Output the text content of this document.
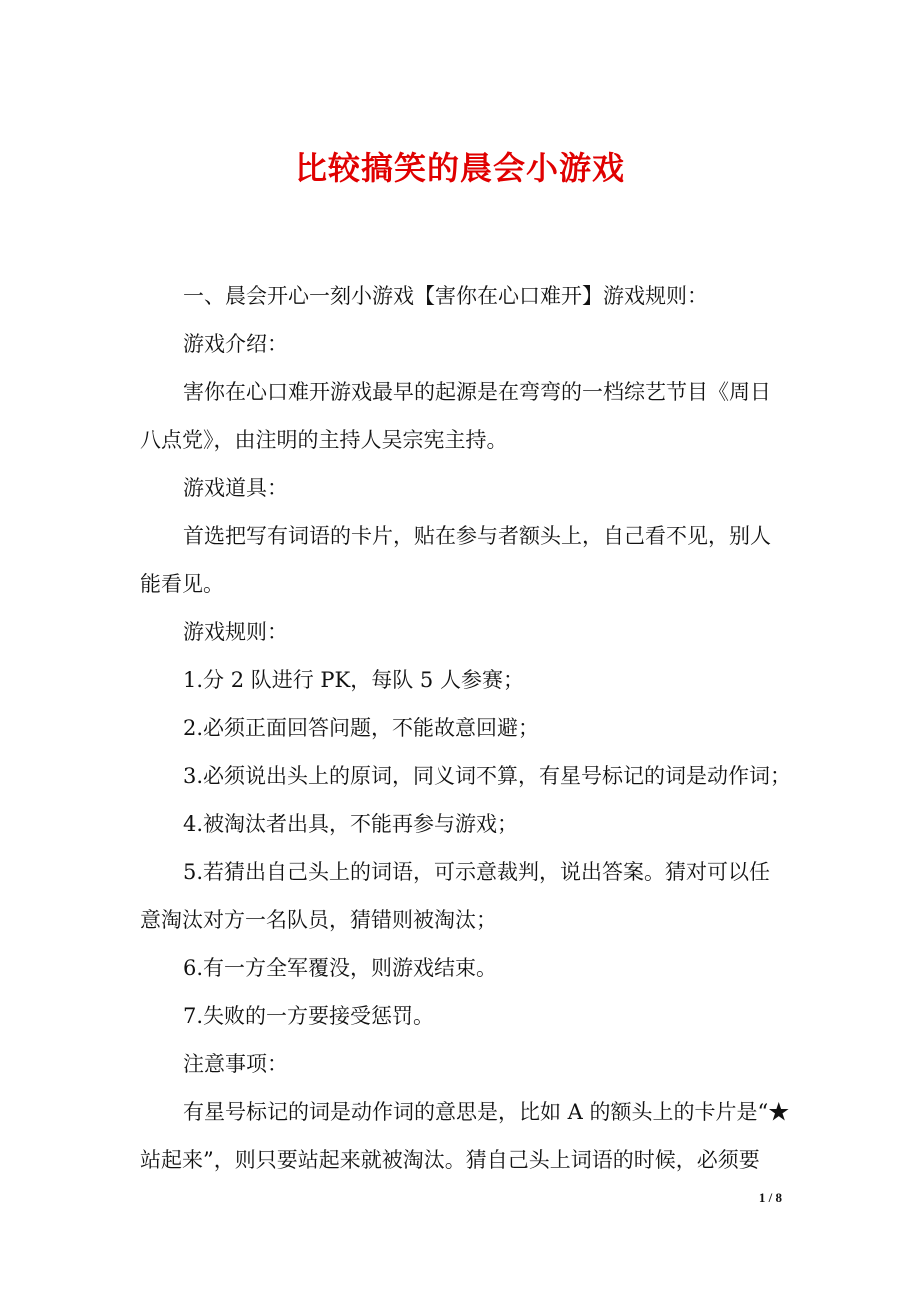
比较搞笑的晨会小游戏
一、晨会开心一刻小游戏【害你在心口难开】游戏规则：
游戏介绍：
害你在心口难开游戏最早的起源是在弯弯的一档综艺节目《周日
八点党》，由注明的主持人吴宗宪主持。
游戏道具：
首选把写有词语的卡片，贴在参与者额头上，自己看不见，别人
能看见。
游戏规则：
1.分 2 队进行 PK，每队 5 人参赛；
2.必须正面回答问题，不能故意回避；
3.必须说出头上的原词，同义词不算，有星号标记的词是动作词；
4.被淘汰者出具，不能再参与游戏；
5.若猜出自己头上的词语，可示意裁判，说出答案。猜对可以任
意淘汰对方一名队员，猜错则被淘汰；
6.有一方全军覆没，则游戏结束。
7.失败的一方要接受惩罚。
注意事项：
有星号标记的词是动作词的意思是，比如 A 的额头上的卡片是“★
站起来”，则只要站起来就被淘汰。猜自己头上词语的时候，必须要
1 / 8
